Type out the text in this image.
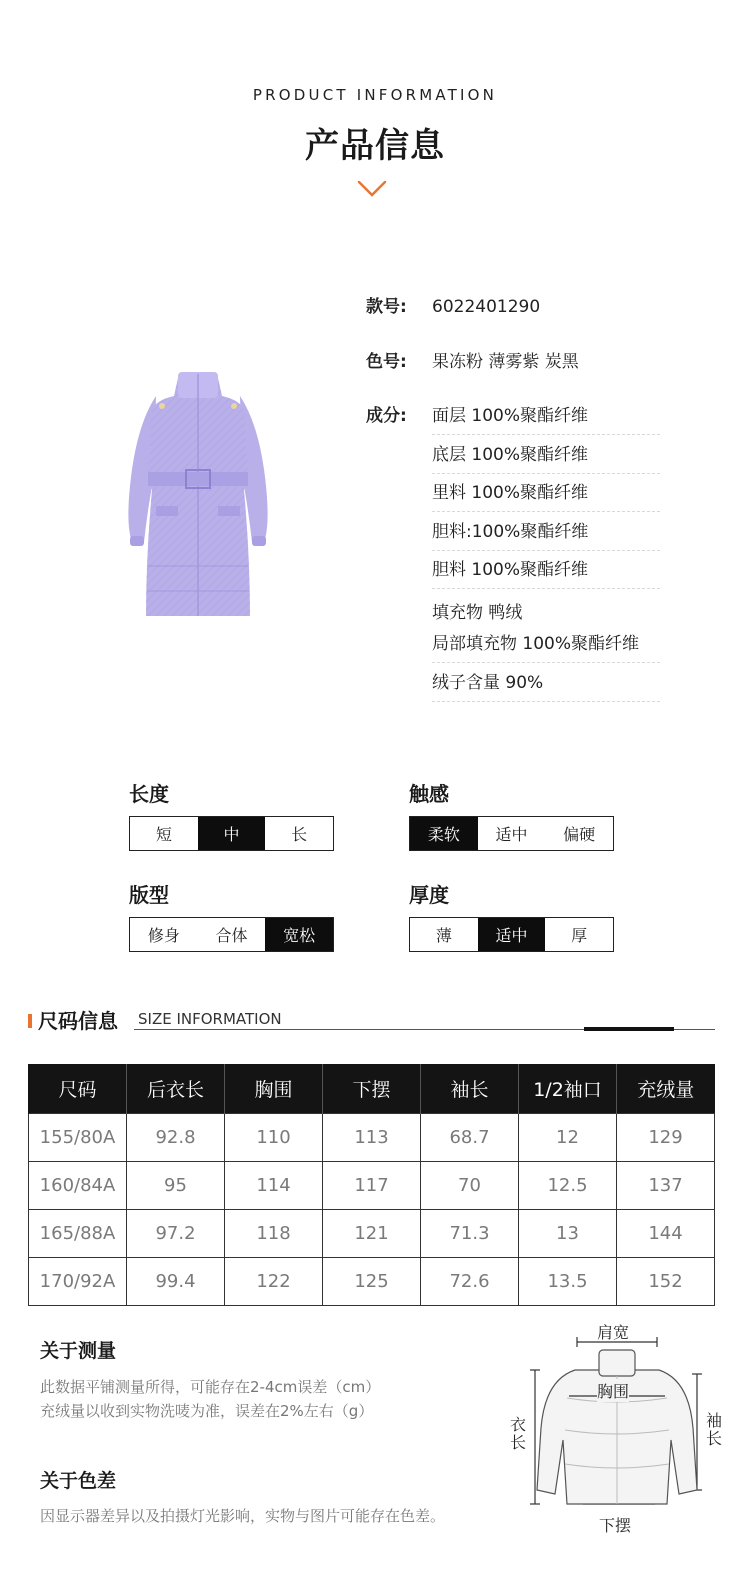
PRODUCT INFORMATION
产品信息
款号: 6022401290
色号: 果冻粉 薄雾紫 炭黑
成分:	面层 100%聚酯纤维
底层 100%聚酯纤维
里料 100%聚酯纤维
胆料:100%聚酯纤维
胆料 100%聚酯纤维
填充物 鸭绒
局部填充物 100%聚酯纤维
绒子含量 90%
长度
短	中	长
触感
柔软	适中	偏硬
版型
修身	合体	宽松
厚度
薄	适中	厚
尺码信息 SIZE INFORMATION
尺码	后衣长	胸围	下摆	袖长	1/2袖口	充绒量
155/80A	92.8	110	113	68.7	12	129
160/84A	95	114	117	70	12.5	137
165/88A	97.2	118	121	71.3	13	144
170/92A	99.4	122	125	72.6	13.5	152
关于测量
此数据平铺测量所得，可能存在2-4cm误差（cm）
充绒量以收到实物洗唛为准，误差在2%左右（g）
关于色差
因显示器差异以及拍摄灯光影响，实物与图片可能存在色差。
肩宽
胸围
衣长
袖长
下摆
